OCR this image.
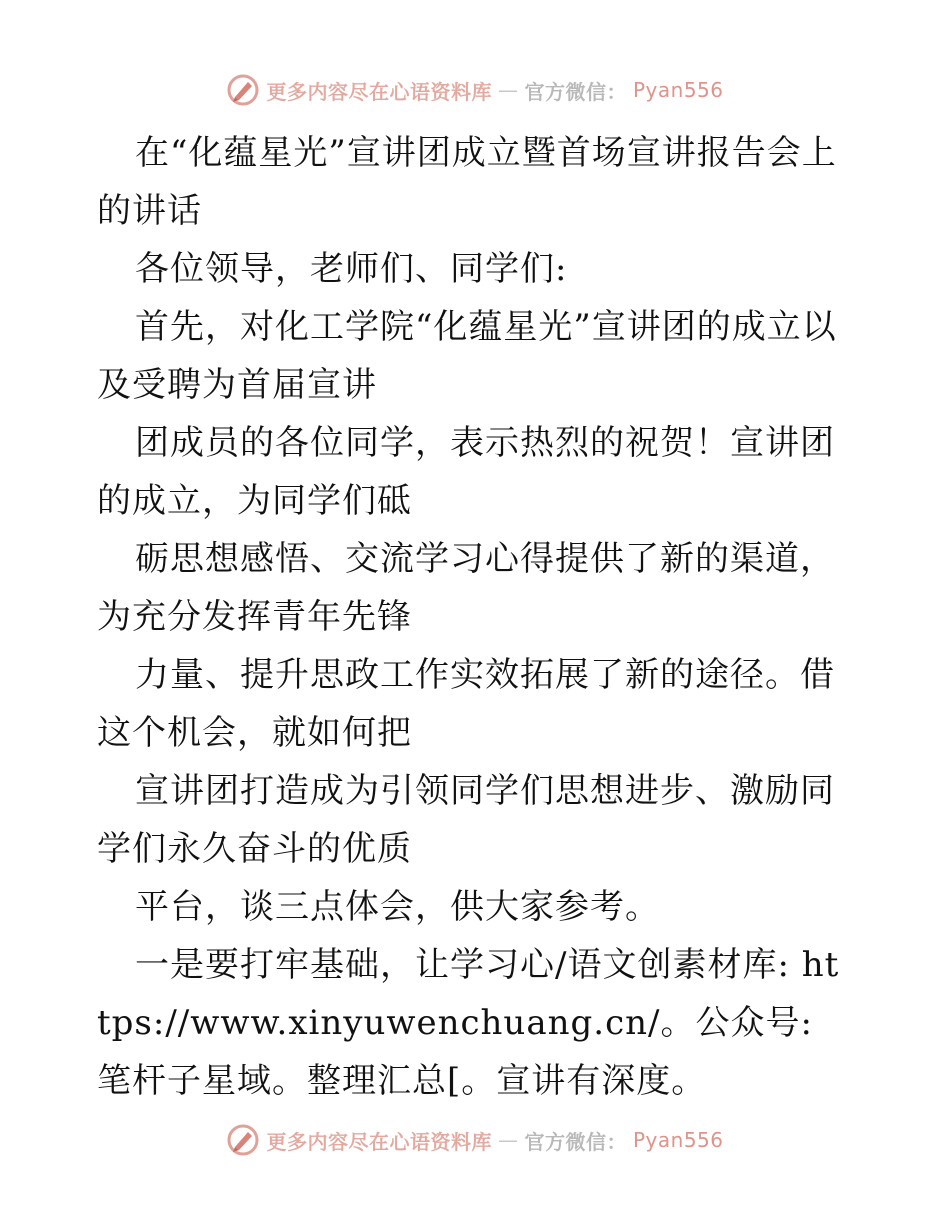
更多内容尽在心语资料库 — 官方微信： Pyan556

在“化蕴星光”宣讲团成立暨首场宣讲报告会上的讲话

各位领导，老师们、同学们:

首先，对化工学院“化蕴星光”宣讲团的成立以及受聘为首届宣讲

团成员的各位同学，表示热烈的祝贺！宣讲团的成立，为同学们砥

砺思想感悟、交流学习心得提供了新的渠道，为充分发挥青年先锋

力量、提升思政工作实效拓展了新的途径。借这个机会，就如何把

宣讲团打造成为引领同学们思想进步、激励同学们永久奋斗的优质

平台，谈三点体会，供大家参考。

一是要打牢基础，让学习心/语文创素材库: https://www.xinyuwenchuang.cn/。公众号: 笔杆子星域。整理汇总[。宣讲有深度。

更多内容尽在心语资料库 — 官方微信： Pyan556
